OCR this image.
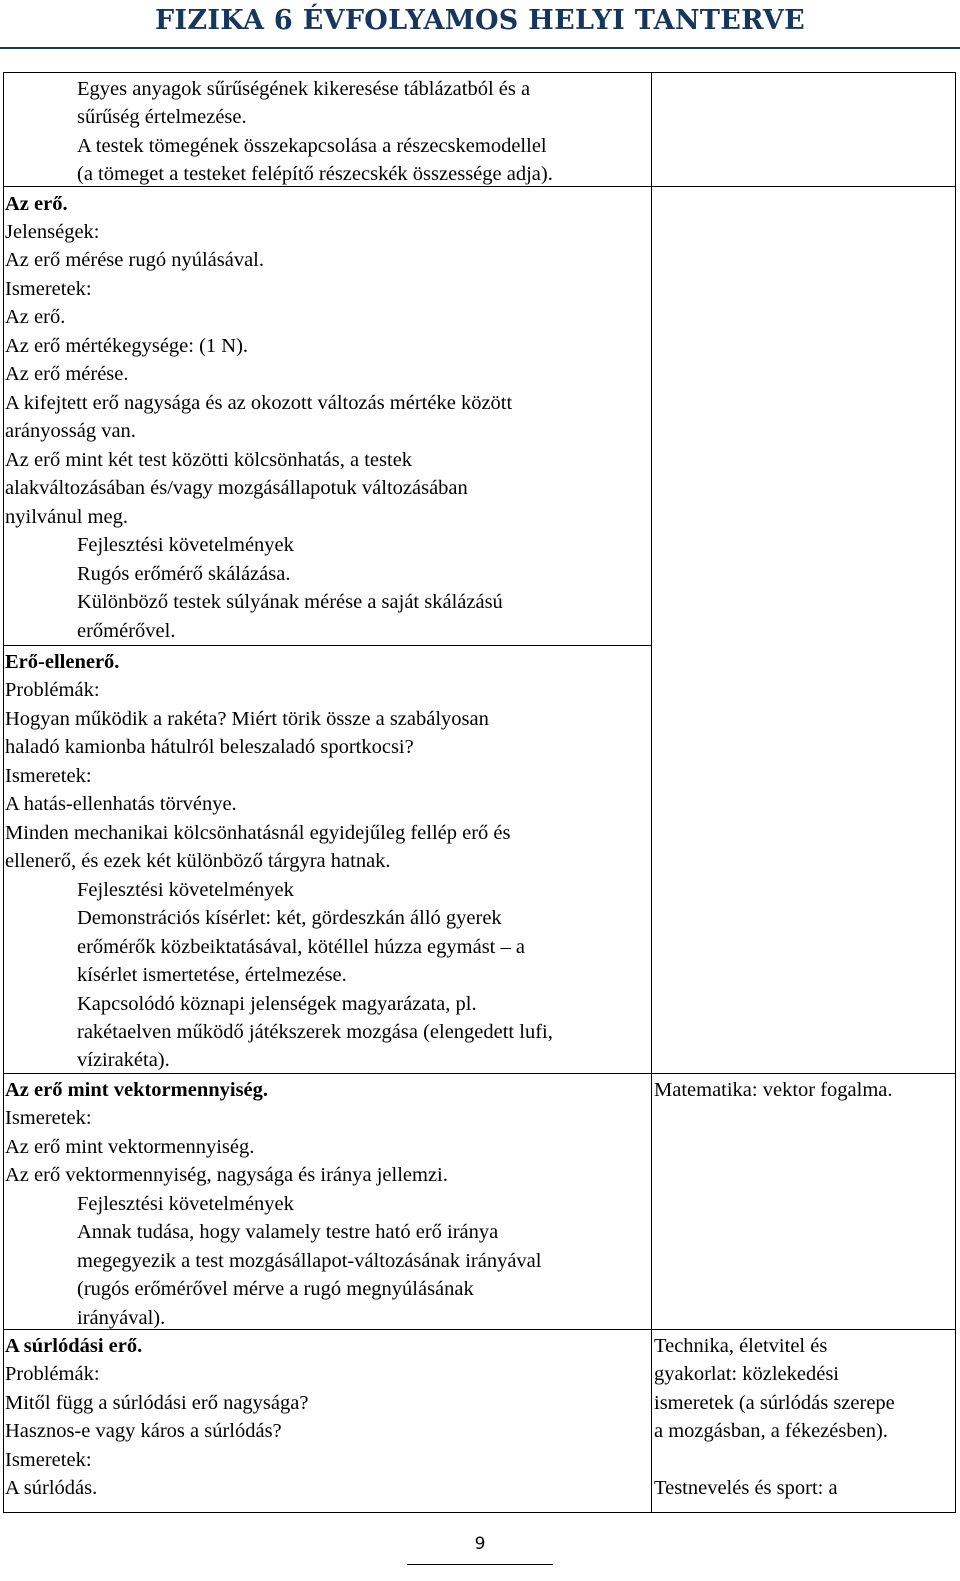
FIZIKA 6 ÉVFOLYAMOS HELYI TANTERVE
Egyes anyagok sűrűségének kikeresése táblázatból és a
sűrűség értelmezése.
A testek tömegének összekapcsolása a részecskemodellel
(a tömeget a testeket felépítő részecskék összessége adja).
Az erő.
Jelenségek:
Az erő mérése rugó nyúlásával.
Ismeretek:
Az erő.
Az erő mértékegysége: (1 N).
Az erő mérése.
A kifejtett erő nagysága és az okozott változás mértéke között
arányosság van.
Az erő mint két test közötti kölcsönhatás, a testek
alakváltozásában és/vagy mozgásállapotuk változásában
nyilvánul meg.
Fejlesztési követelmények
Rugós erőmérő skálázása.
Különböző testek súlyának mérése a saját skálázású
erőmérővel.
Erő-ellenerő.
Problémák:
Hogyan működik a rakéta? Miért törik össze a szabályosan
haladó kamionba hátulról beleszaladó sportkocsi?
Ismeretek:
A hatás-ellenhatás törvénye.
Minden mechanikai kölcsönhatásnál egyidejűleg fellép erő és
ellenerő, és ezek két különböző tárgyra hatnak.
Fejlesztési követelmények
Demonstrációs kísérlet: két, gördeszkán álló gyerek
erőmérők közbeiktatásával, kötéllel húzza egymást – a
kísérlet ismertetése, értelmezése.
Kapcsolódó köznapi jelenségek magyarázata, pl.
rakétaelven működő játékszerek mozgása (elengedett lufi,
vízirakéta).
Az erő mint vektormennyiség.
Ismeretek:
Az erő mint vektormennyiség.
Az erő vektormennyiség, nagysága és iránya jellemzi.
Fejlesztési követelmények
Annak tudása, hogy valamely testre ható erő iránya
megegyezik a test mozgásállapot-változásának irányával
(rugós erőmérővel mérve a rugó megnyúlásának
irányával).
Matematika: vektor fogalma.
A súrlódási erő.
Problémák:
Mitől függ a súrlódási erő nagysága?
Hasznos-e vagy káros a súrlódás?
Ismeretek:
A súrlódás.
Technika, életvitel és
gyakorlat: közlekedési
ismeretek (a súrlódás szerepe
a mozgásban, a fékezésben).
Testnevelés és sport: a
9
